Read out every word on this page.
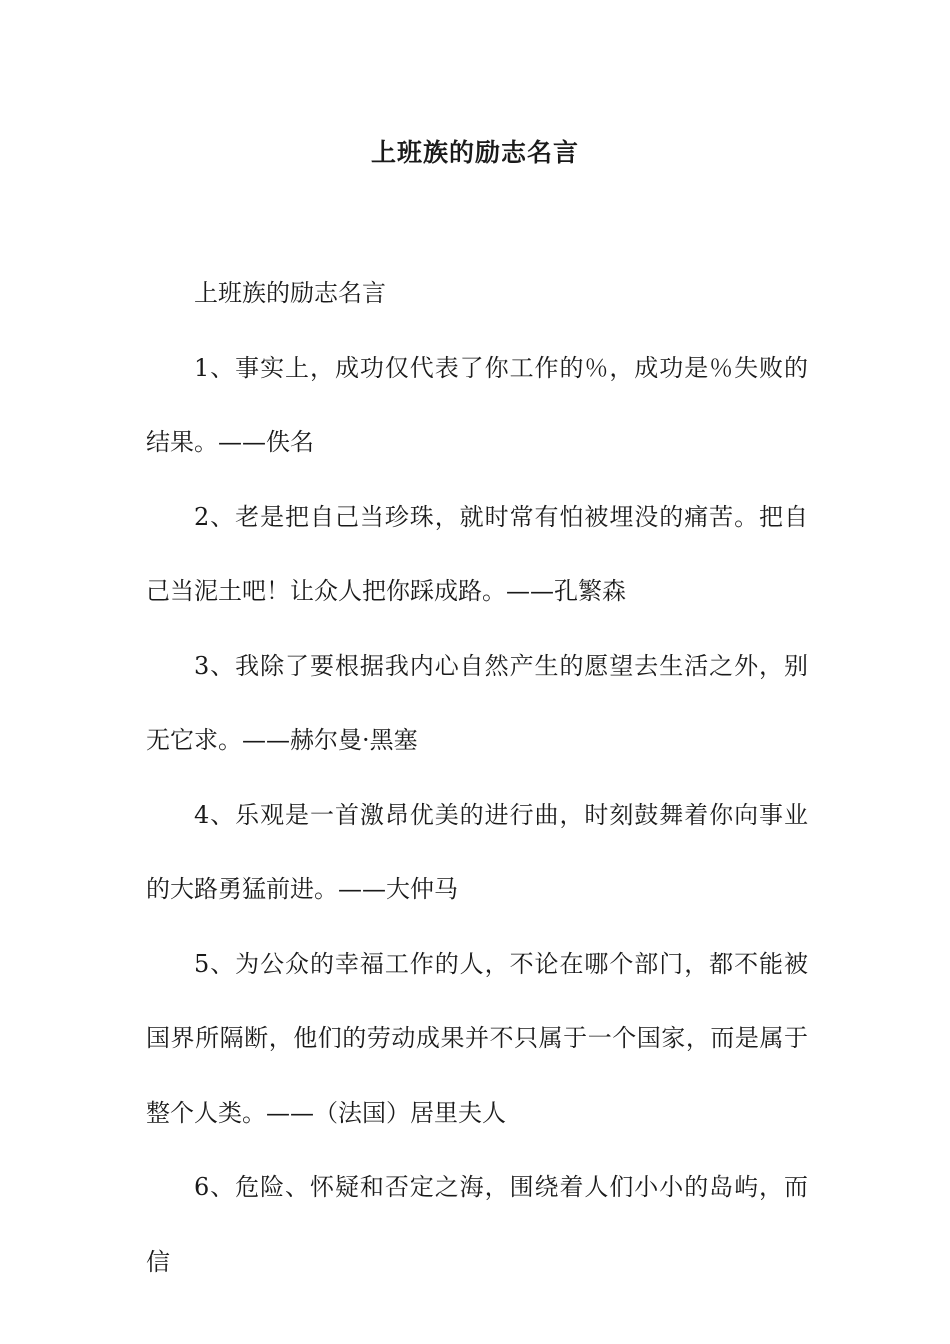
上班族的励志名言

上班族的励志名言

1、事实上，成功仅代表了你工作的％，成功是％失败的结果。——佚名

2、老是把自己当珍珠，就时常有怕被埋没的痛苦。把自己当泥土吧！让众人把你踩成路。——孔繁森

3、我除了要根据我内心自然产生的愿望去生活之外，别无它求。——赫尔曼·黑塞

4、乐观是一首激昂优美的进行曲，时刻鼓舞着你向事业的大路勇猛前进。——大仲马

5、为公众的幸福工作的人，不论在哪个部门，都不能被国界所隔断，他们的劳动成果并不只属于一个国家，而是属于整个人类。——（法国）居里夫人

6、危险、怀疑和否定之海，围绕着人们小小的岛屿，而信
